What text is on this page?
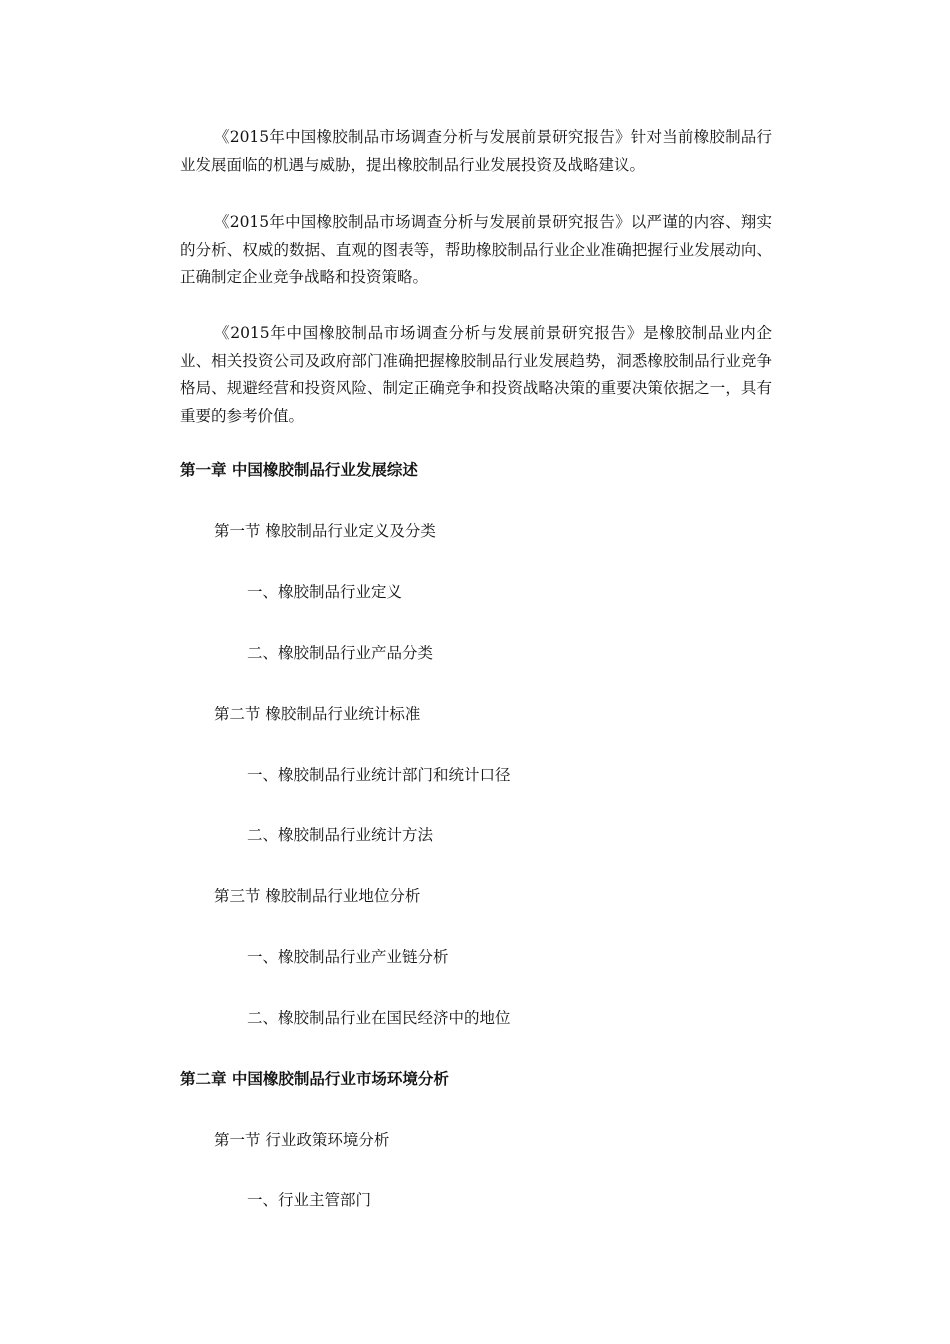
《2015年中国橡胶制品市场调查分析与发展前景研究报告》针对当前橡胶制品行业发展面临的机遇与威胁，提出橡胶制品行业发展投资及战略建议。

《2015年中国橡胶制品市场调查分析与发展前景研究报告》以严谨的内容、翔实的分析、权威的数据、直观的图表等，帮助橡胶制品行业企业准确把握行业发展动向、正确制定企业竞争战略和投资策略。

《2015年中国橡胶制品市场调查分析与发展前景研究报告》是橡胶制品业内企业、相关投资公司及政府部门准确把握橡胶制品行业发展趋势，洞悉橡胶制品行业竞争格局、规避经营和投资风险、制定正确竞争和投资战略决策的重要决策依据之一，具有重要的参考价值。

第一章 中国橡胶制品行业发展综述

第一节 橡胶制品行业定义及分类

一、橡胶制品行业定义

二、橡胶制品行业产品分类

第二节 橡胶制品行业统计标准

一、橡胶制品行业统计部门和统计口径

二、橡胶制品行业统计方法

第三节 橡胶制品行业地位分析

一、橡胶制品行业产业链分析

二、橡胶制品行业在国民经济中的地位

第二章 中国橡胶制品行业市场环境分析

第一节 行业政策环境分析

一、行业主管部门
